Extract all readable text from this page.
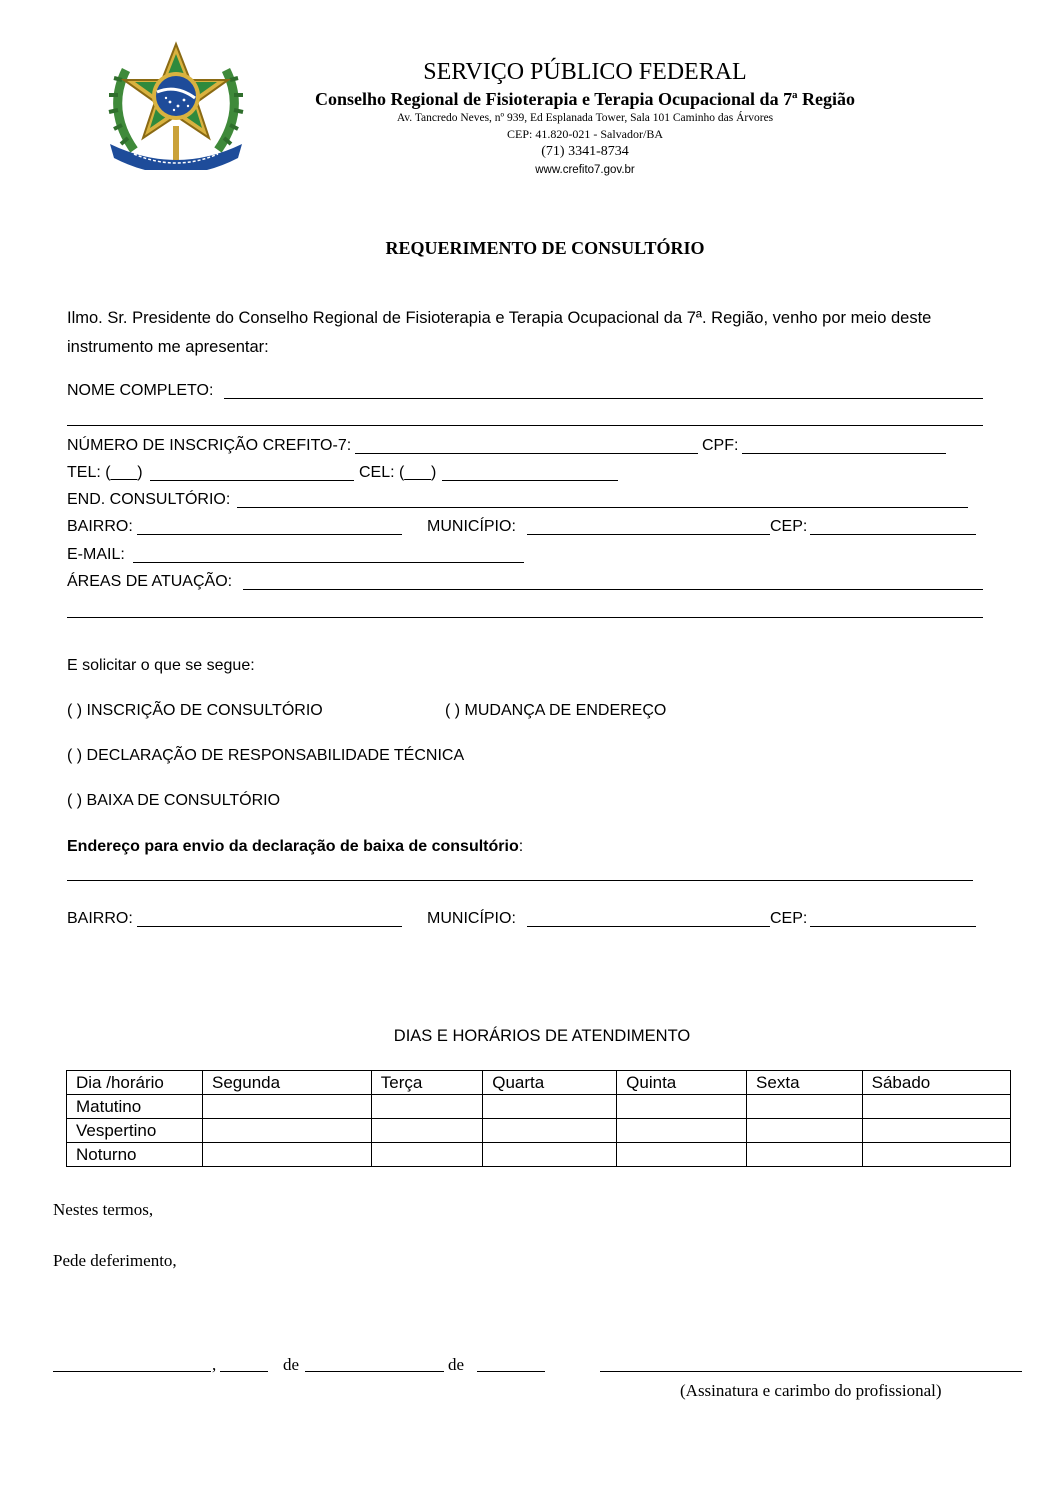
SERVIÇO PÚBLICO FEDERAL
Conselho Regional de Fisioterapia e Terapia Ocupacional da 7ª Região
Av. Tancredo Neves, nº 939, Ed Esplanada Tower, Sala 101 Caminho das Árvores
CEP: 41.820-021 - Salvador/BA
(71) 3341-8734
www.crefito7.gov.br
REQUERIMENTO DE CONSULTÓRIO
Ilmo. Sr. Presidente do Conselho Regional de Fisioterapia e Terapia Ocupacional da 7ª. Região, venho por meio deste
instrumento me apresentar:
NOME COMPLETO:
NÚMERO DE INSCRIÇÃO CREFITO-7:	CPF:
TEL: (___)	CEL: (___)
END. CONSULTÓRIO:
BAIRRO:	MUNICÍPIO:	CEP:
E-MAIL:
ÁREAS DE ATUAÇÃO:
E solicitar o que se segue:
( ) INSCRIÇÃO DE CONSULTÓRIO	( ) MUDANÇA DE ENDEREÇO
( ) DECLARAÇÃO DE RESPONSABILIDADE TÉCNICA
( ) BAIXA DE CONSULTÓRIO
Endereço para envio da declaração de baixa de consultório:
BAIRRO:	MUNICÍPIO:	CEP:
DIAS E HORÁRIOS DE ATENDIMENTO
Dia /horário	Segunda	Terça	Quarta	Quinta	Sexta	Sábado
Matutino						
Vespertino						
Noturno						
Nestes termos,
Pede deferimento,
,	de	de
(Assinatura e carimbo do profissional)
